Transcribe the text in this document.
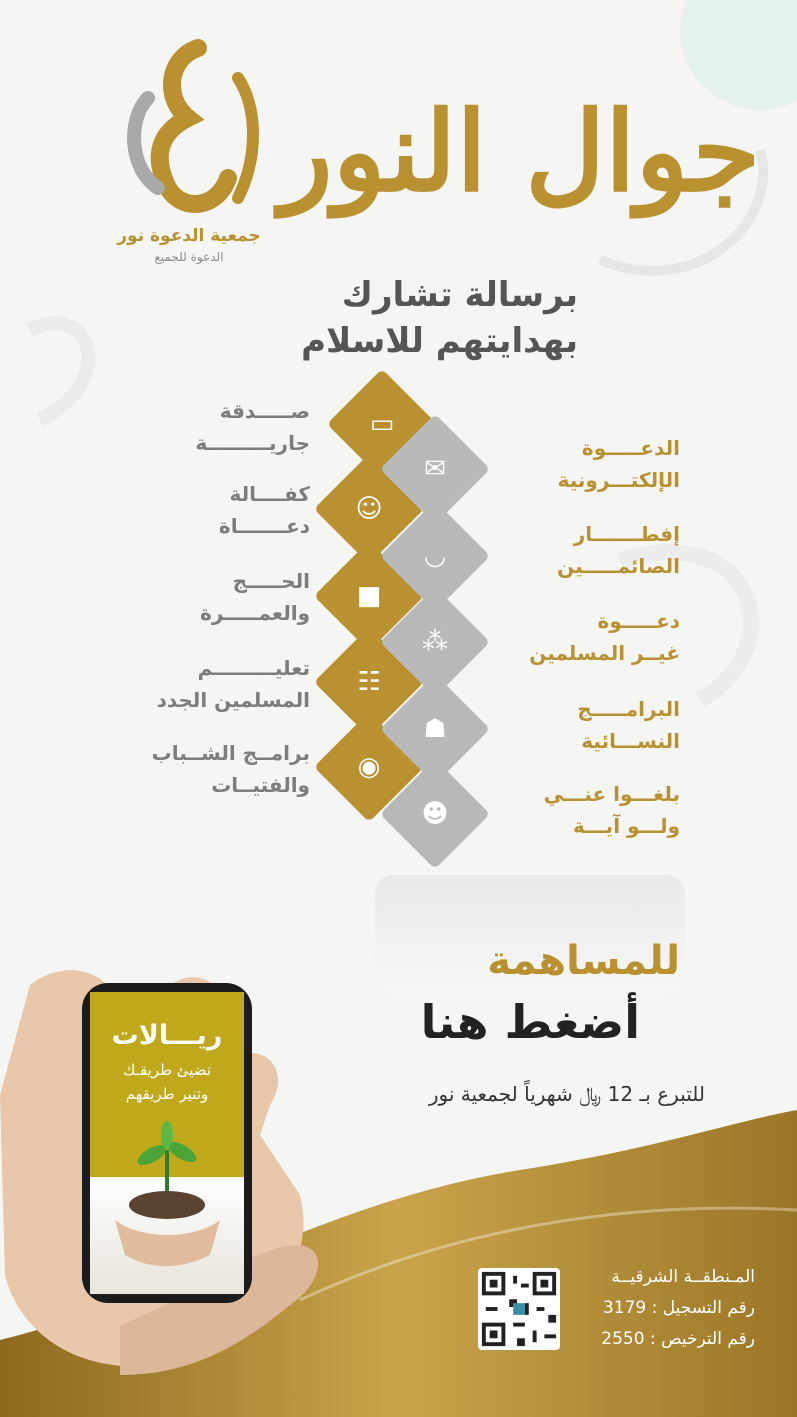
جمعية الدعوة نور
الدعوة للجميع
جوال النور
برسالة تشارك
بهدايتهم للاسلام
صـــــدقة
جاريـــــــــة
▭
كفــــالة
دعـــــــاة
☺
الحـــــج
والعمـــــرة
■
تعليـــــــــم
المسلمين الجدد
☷
برامــج الشــباب
والفتيــات
◉
✉
الدعـــــوة
الإلكتـــرونية
◡
إفطـــــــار
الصائمـــــين
⁂
دعـــــوة
غيــر المسلمين
☗
البرامـــــج
النســـائية
☻
بلغـــوا عنـــي
ولـــو آيـــة
للمساهمة
أضغط هنا
للتبرع بـ 12 ﷼ شهرياً لجمعية نور
ريـــالات
تضيئ طريقـك
وتنير طريقهم
المـنطقــة الشرقيــة
رقم التسجيل : 3179
رقم الترخيص : 2550
